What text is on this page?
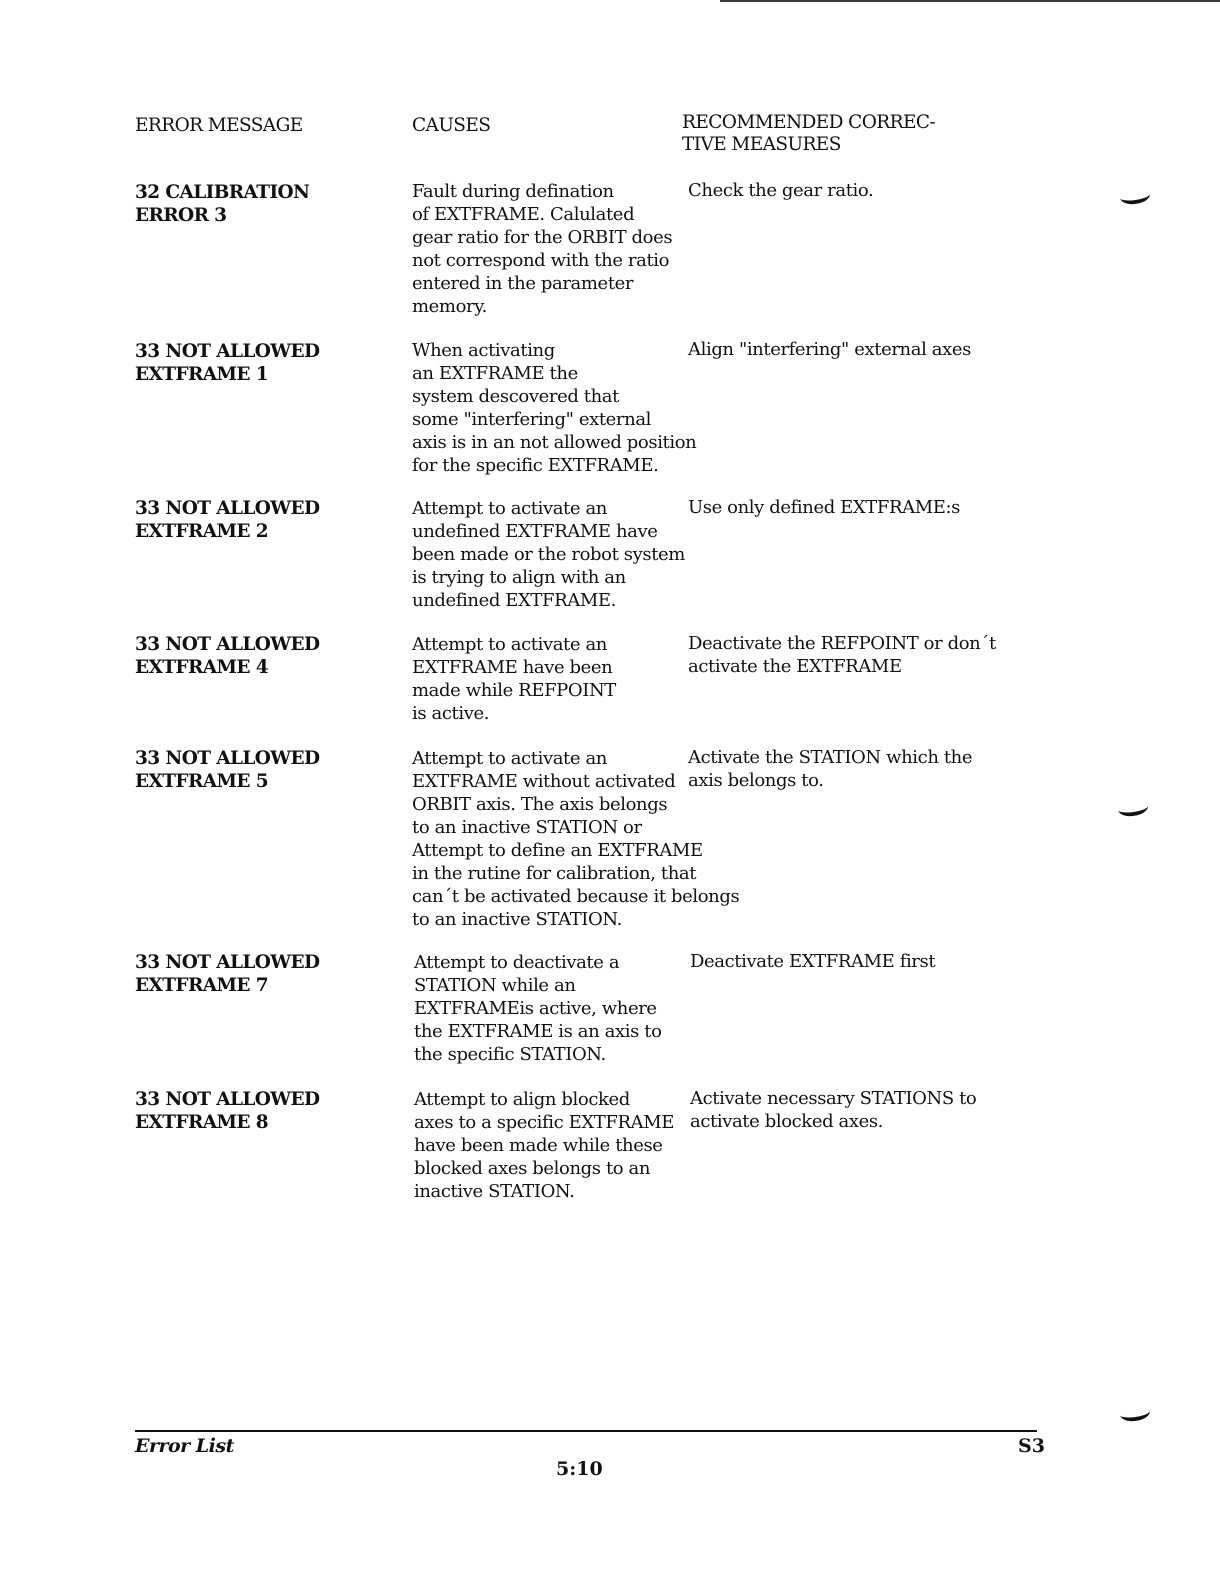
ERROR MESSAGE	CAUSES	RECOMMENDED CORREC-
TIVE MEASURES
32 CALIBRATION
ERROR 3
Fault during defination
of EXTFRAME. Calulated
gear ratio for the ORBIT does
not correspond with the ratio
entered in the parameter
memory.
Check the gear ratio.
33 NOT ALLOWED
EXTFRAME 1
When activating
an EXTFRAME the
system descovered that
some "interfering" external
axis is in an not allowed position
for the specific EXTFRAME.
Align "interfering" external axes
33 NOT ALLOWED
EXTFRAME 2
Attempt to activate an
undefined EXTFRAME have
been made or the robot system
is trying to align with an
undefined EXTFRAME.
Use only defined EXTFRAME:s
33 NOT ALLOWED
EXTFRAME 4
Attempt to activate an
EXTFRAME have been
made while REFPOINT
is active.
Deactivate the REFPOINT or don´t
activate the EXTFRAME
33 NOT ALLOWED
EXTFRAME 5
Attempt to activate an
EXTFRAME without activated
ORBIT axis. The axis belongs
to an inactive STATION or
Attempt to define an EXTFRAME
in the rutine for calibration, that
can´t be activated because it belongs
to an inactive STATION.
Activate the STATION which the
axis belongs to.
33 NOT ALLOWED
EXTFRAME 7
Attempt to deactivate a
STATION while an
EXTFRAMEis active, where
the EXTFRAME is an axis to
the specific STATION.
Deactivate EXTFRAME first
33 NOT ALLOWED
EXTFRAME 8
Attempt to align blocked
axes to a specific EXTFRAME
have been made while these
blocked axes belongs to an
inactive STATION.
Activate necessary STATIONS to
activate blocked axes.
Error List
5:10
S3
